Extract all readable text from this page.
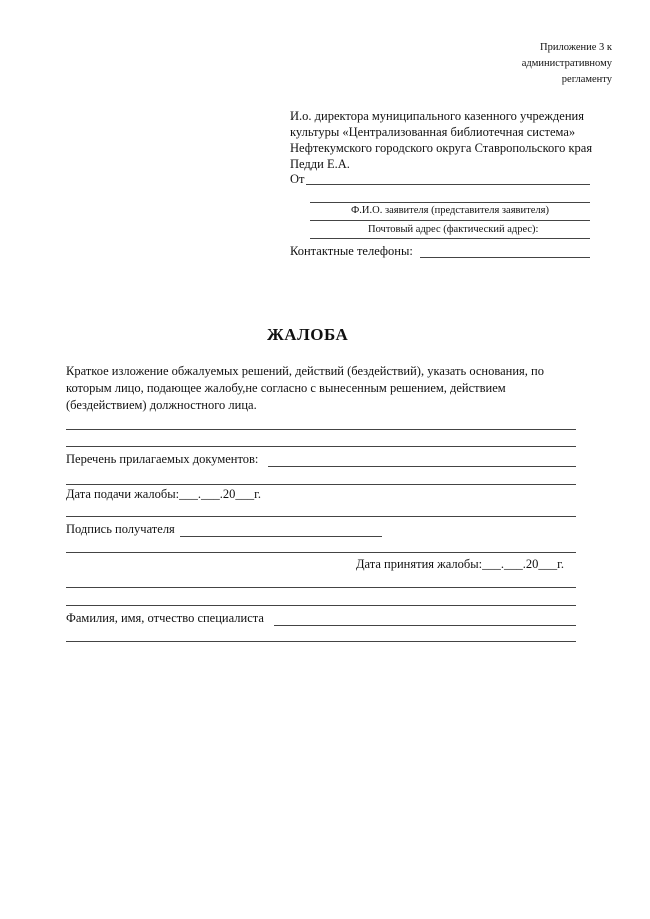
Приложение 3 к
административному
регламенту
И.о. директора муниципального казенного учреждения
культуры «Централизованная библиотечная система»
Нефтекумского городского округа Ставропольского края
Педди Е.А.
От
Ф.И.О. заявителя (представителя заявителя)
Почтовый адрес (фактический адрес):
Контактные телефоны:
ЖАЛОБА
Краткое изложение обжалуемых решений, действий (бездействий), указать основания, по
которым лицо, подающее жалобу,не согласно с вынесенным решением, действием
(бездействием) должностного лица.
Перечень прилагаемых документов:
Дата подачи жалобы:___.___.20___г.
Подпись получателя
Дата принятия жалобы:___.___.20___г.
Фамилия, имя, отчество специалиста
